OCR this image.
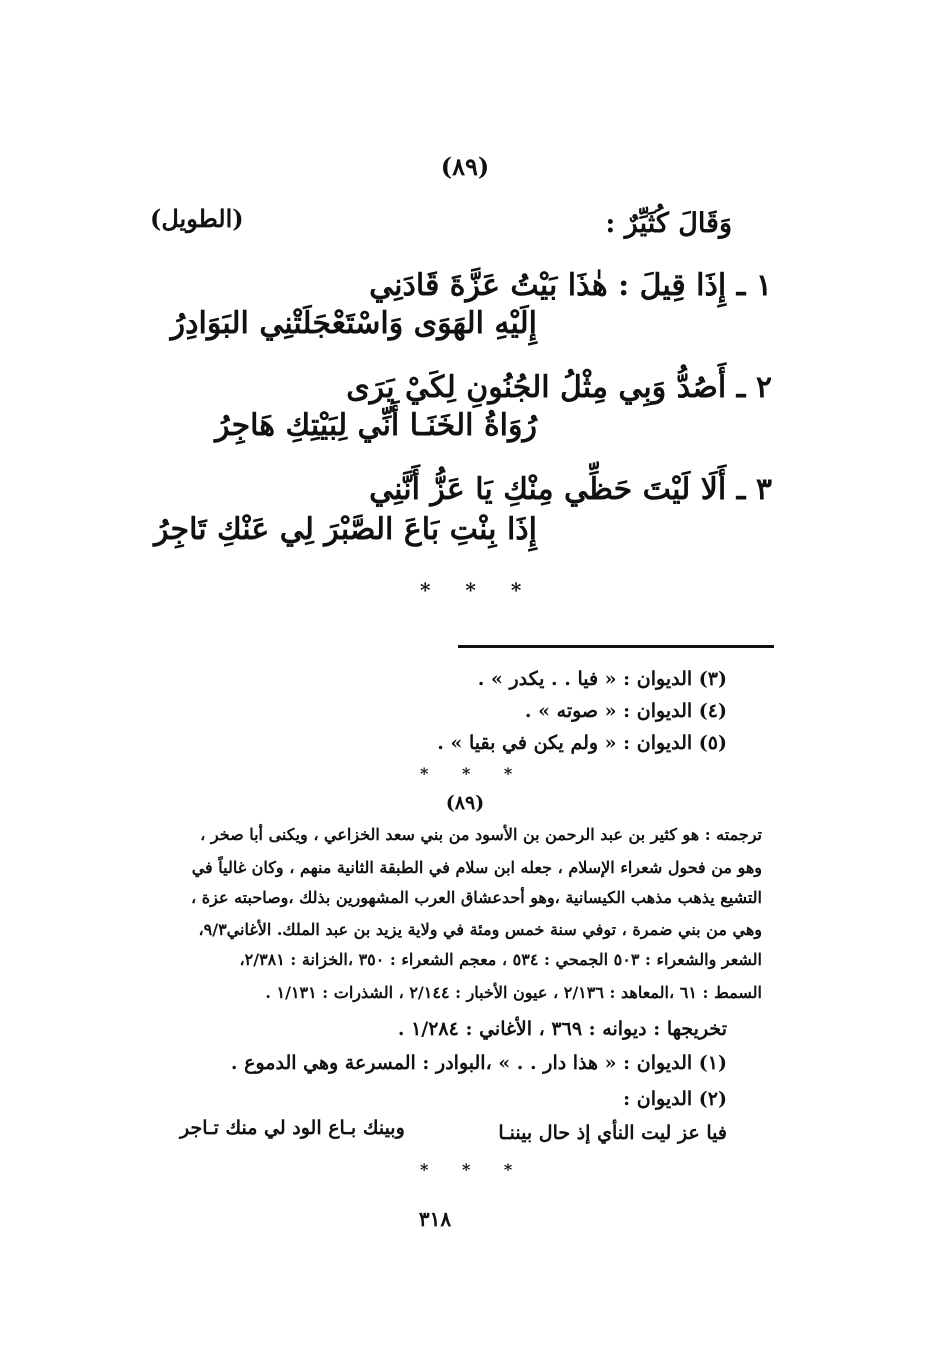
(٨٩)
وَقَالَ كُثَيِّرٌ :
(الطويل)
١ ـ إِذَا قِيلَ : هٰذَا بَيْتُ عَزَّةَ قَادَنِي
إِلَيْهِ الهَوَى وَاسْتَعْجَلَتْنِي البَوَادِرُ
٢ ـ أَصُدُّ وَبِي مِثْلُ الجُنُونِ لِكَيْ يَرَى
رُوَاةُ الخَنَـا أَنِّي لِبَيْتِكِ هَاجِرُ
٣ ـ أَلَا لَيْتَ حَظِّي مِنْكِ يَا عَزُّ أَنَّنِي
إِذَا بِنْتِ بَاعَ الصَّبْرَ لِي عَنْكِ تَاجِرُ
* * *
(٣) الديوان : « فيا . . يكدر » .
(٤) الديوان : « صوته » .
(٥) الديوان : « ولم يكن في بقيا » .
* * *
(٨٩)
ترجمته : هو كثير بن عبد الرحمن بن الأسود من بني سعد الخزاعي ، ويكنى أبا صخر ،
وهو من فحول شعراء الإسلام ، جعله ابن سلام في الطبقة الثانية منهم ، وكان غالياً في
التشيع يذهب مذهب الكيسانية ،وهو أحدعشاق العرب المشهورين بذلك ،وصاحبته عزة ،
وهي من بني ضمرة ، توفي سنة خمس ومئة في ولاية يزيد بن عبد الملك. الأغاني٩/٣،
الشعر والشعراء : ٥٠٣ الجمحي : ٥٣٤ ، معجم الشعراء : ٣٥٠ ،الخزانة : ٢/٣٨١،
السمط : ٦١ ،المعاهد : ٢/١٣٦ ، عيون الأخبار : ٢/١٤٤ ، الشذرات : ١/١٣١ .
تخريجها : ديوانه : ٣٦٩ ، الأغاني : ١/٢٨٤ .
(١) الديوان : « هذا دار . . » ،البوادر : المسرعة وهي الدموع .
(٢) الديوان :
فيا عز ليت النأي إذ حال بيننـا
وبينك بـاع الود لي منك تـاجر
* * *
٣١٨
